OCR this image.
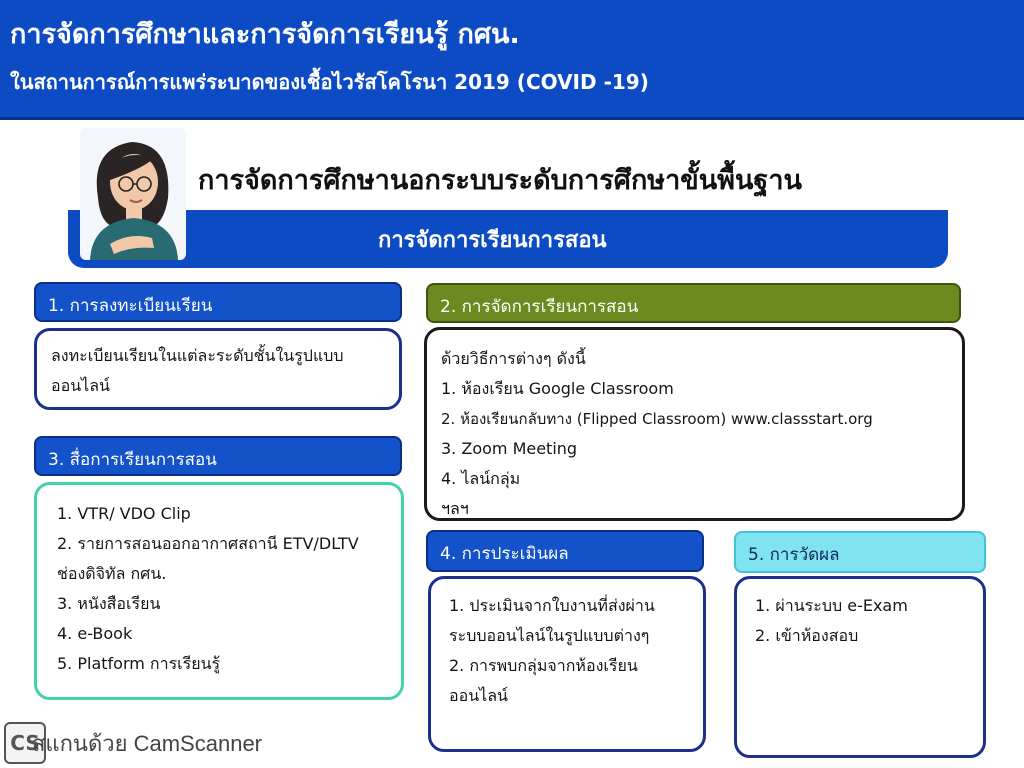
การจัดการศึกษาและการจัดการเรียนรู้ กศน.
ในสถานการณ์การแพร่ระบาดของเชื้อไวรัสโคโรนา 2019 (COVID -19)
การจัดการเรียนการสอน
การจัดการศึกษานอกระบบระดับการศึกษาขั้นพื้นฐาน
1. การลงทะเบียนเรียน

ลงทะเบียนเรียนในแต่ละระดับชั้นในรูปแบบ

ออนไลน์

2. การจัดการเรียนการสอน

ด้วยวิธีการต่างๆ ดังนี้

1. ห้องเรียน Google Classroom

2. ห้องเรียนกลับทาง (Flipped Classroom) www.classstart.org

3. Zoom Meeting

4. ไลน์กลุ่ม

ฯลฯ

3. สื่อการเรียนการสอน

1. VTR/ VDO Clip

2. รายการสอนออกอากาศสถานี ETV/DLTV

ช่องดิจิทัล กศน.

3. หนังสือเรียน

4. e-Book

5. Platform การเรียนรู้

4. การประเมินผล

1. ประเมินจากใบงานที่ส่งผ่าน

ระบบออนไลน์ในรูปแบบต่างๆ

2. การพบกลุ่มจากห้องเรียน

ออนไลน์

5. การวัดผล

1. ผ่านระบบ e-Exam

2. เข้าห้องสอบ

CS
สแกนด้วย CamScanner
